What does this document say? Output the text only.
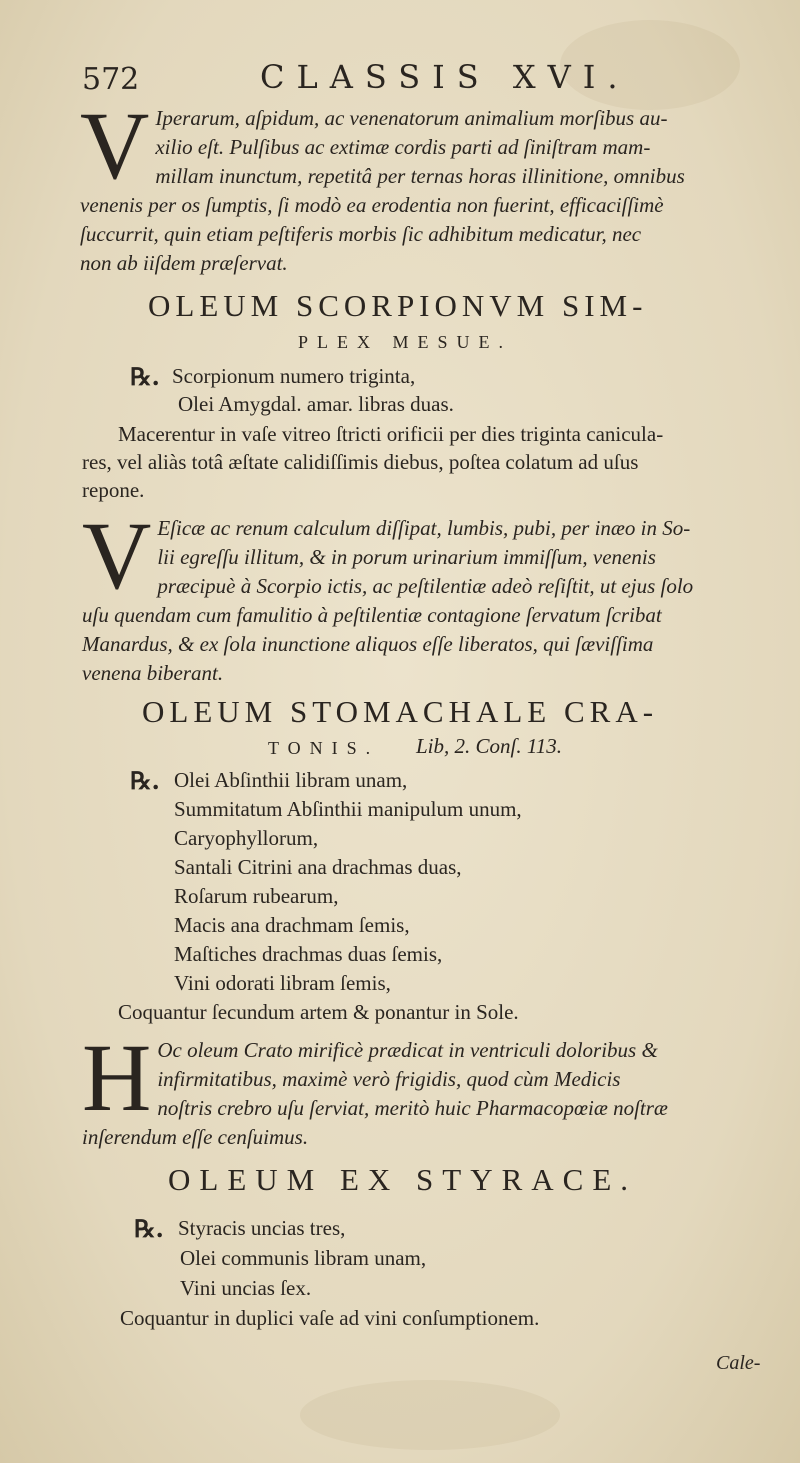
572	CLASSIS XVI.
V Iperarum, aſpidum, ac venenatorum animalium morſibus au-
xilio eſt. Pulſibus ac extimæ cordis parti ad ſiniſtram mam-
millam inunctum, repetitâ per ternas horas illinitione, omnibus
venenis per os ſumptis, ſi modò ea erodentia non fuerint, efficaciſſimè
ſuccurrit, quin etiam peſtiferis morbis ſic adhibitum medicatur, nec
non ab iiſdem præſervat.
OLEUM SCORPIONVM SIM-
PLEX MESUE.
℞. Scorpionum numero triginta,
Olei Amygdal. amar. libras duas.
Macerentur in vaſe vitreo ſtricti orificii per dies triginta canicula-
res, vel aliàs totâ æſtate calidiſſimis diebus, poſtea colatum ad uſus
repone.
V Eſicæ ac renum calculum diſſipat, lumbis, pubi, per inæo in So-
lii egreſſu illitum, & in porum urinarium immiſſum, venenis
præcipuè à Scorpio ictis, ac peſtilentiæ adeò reſiſtit, ut ejus ſolo
uſu quendam cum famulitio à peſtilentiæ contagione ſervatum ſcribat
Manardus, & ex ſola inunctione aliquos eſſe liberatos, qui ſæviſſima
venena biberant.
OLEUM STOMACHALE CRA-
TONIS. Lib, 2. Conſ. 113.
℞. Olei Abſinthii libram unam,
Summitatum Abſinthii manipulum unum,
Caryophyllorum,
Santali Citrini ana drachmas duas,
Roſarum rubearum,
Macis ana drachmam ſemis,
Maſtiches drachmas duas ſemis,
Vini odorati libram ſemis,
Coquantur ſecundum artem & ponantur in Sole.
H Oc oleum Crato mirificè prædicat in ventriculi doloribus &
infirmitatibus, maximè verò frigidis, quod cùm Medicis
noſtris crebro uſu ſerviat, meritò huic Pharmacopœiæ noſtræ
inſerendum eſſe cenſuimus.
OLEUM EX STYRACE.
℞. Styracis uncias tres,
Olei communis libram unam,
Vini uncias ſex.
Coquantur in duplici vaſe ad vini conſumptionem.
Cale-
